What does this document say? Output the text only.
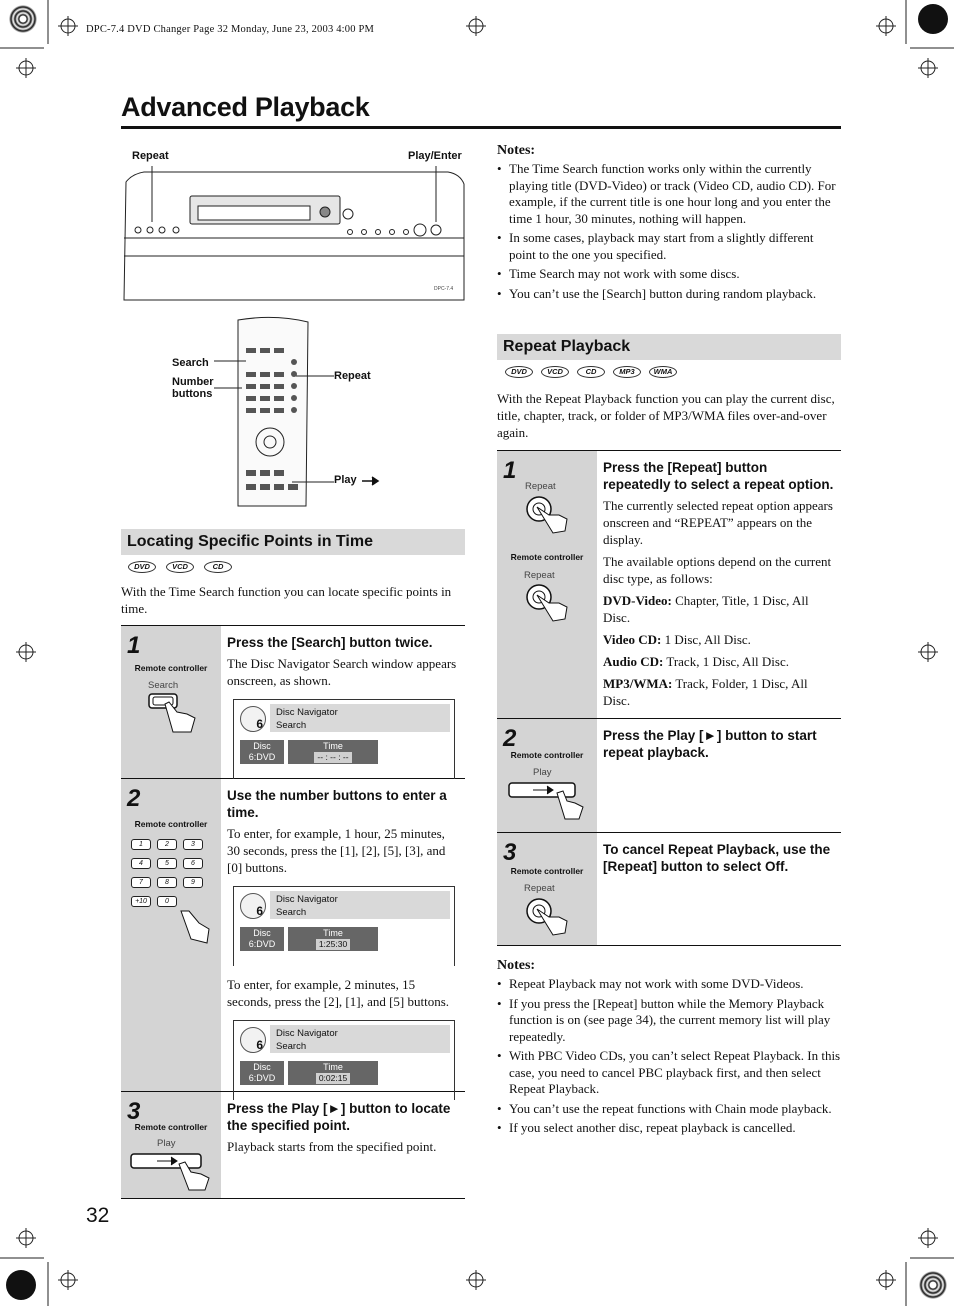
DPC-7.4 DVD Changer Page 32 Monday, June 23, 2003 4:00 PM
Advanced Playback
Repeat	Play/Enter
DPC-7.4
Search
Number
buttons
Repeat
Play
Locating Specific Points in Time
DVD	VCD	CD
With the Time Search function you can locate specific points in time.
1
Remote controller
Search
Press the [Search] button twice.
The Disc Navigator Search window appears onscreen, as shown.
6
Disc Navigator
Search
Disc
6:DVD
Time
-- : -- : --
2
Remote controller
1	2	3
4	5	6
7	8	9
+10	0
Use the number buttons to enter a time.
To enter, for example, 1 hour, 25 minutes, 30 seconds, press the [1], [2], [5], [3], and [0] buttons.
6
Disc Navigator
Search
Disc
6:DVD
Time
1:25:30
To enter, for example, 2 minutes, 15 seconds, press the [2], [1], and [5] buttons.
6
Disc Navigator
Search
Disc
6:DVD
Time
0:02:15
3
Remote controller
Play
Press the Play [►] button to locate the specified point.
Playback starts from the specified point.
32
Notes:
• The Time Search function works only within the currently playing title (DVD-Video) or track (Video CD, audio CD). For example, if the current title is one hour long and you enter the time 1 hour, 30 minutes, nothing will happen.
• In some cases, playback may start from a slightly different point to the one you specified.
• Time Search may not work with some discs.
• You can’t use the [Search] button during random playback.
Repeat Playback
DVD	VCD	CD	MP3	WMA
With the Repeat Playback function you can play the current disc, title, chapter, track, or folder of MP3/WMA files over-and-over again.
1
Repeat
Remote controller
Repeat
Press the [Repeat] button repeatedly to select a repeat option.

The currently selected repeat option appears onscreen and “REPEAT” appears on the display.

The available options depend on the current disc type, as follows:

DVD-Video: Chapter, Title, 1 Disc, All Disc.

Video CD: 1 Disc, All Disc.

Audio CD: Track, 1 Disc, All Disc.

MP3/WMA: Track, Folder, 1 Disc, All Disc.

2
Remote controller
Play
Press the Play [►] button to start repeat playback.
3
Remote controller
Repeat
To cancel Repeat Playback, use the [Repeat] button to select Off.
Notes:
• Repeat Playback may not work with some DVD-Videos.
• If you press the [Repeat] button while the Memory Playback function is on (see page 34), the current memory list will play repeatedly.
• With PBC Video CDs, you can’t select Repeat Playback. In this case, you need to cancel PBC playback first, and then select Repeat Playback.
• You can’t use the repeat functions with Chain mode playback.
• If you select another disc, repeat playback is cancelled.
